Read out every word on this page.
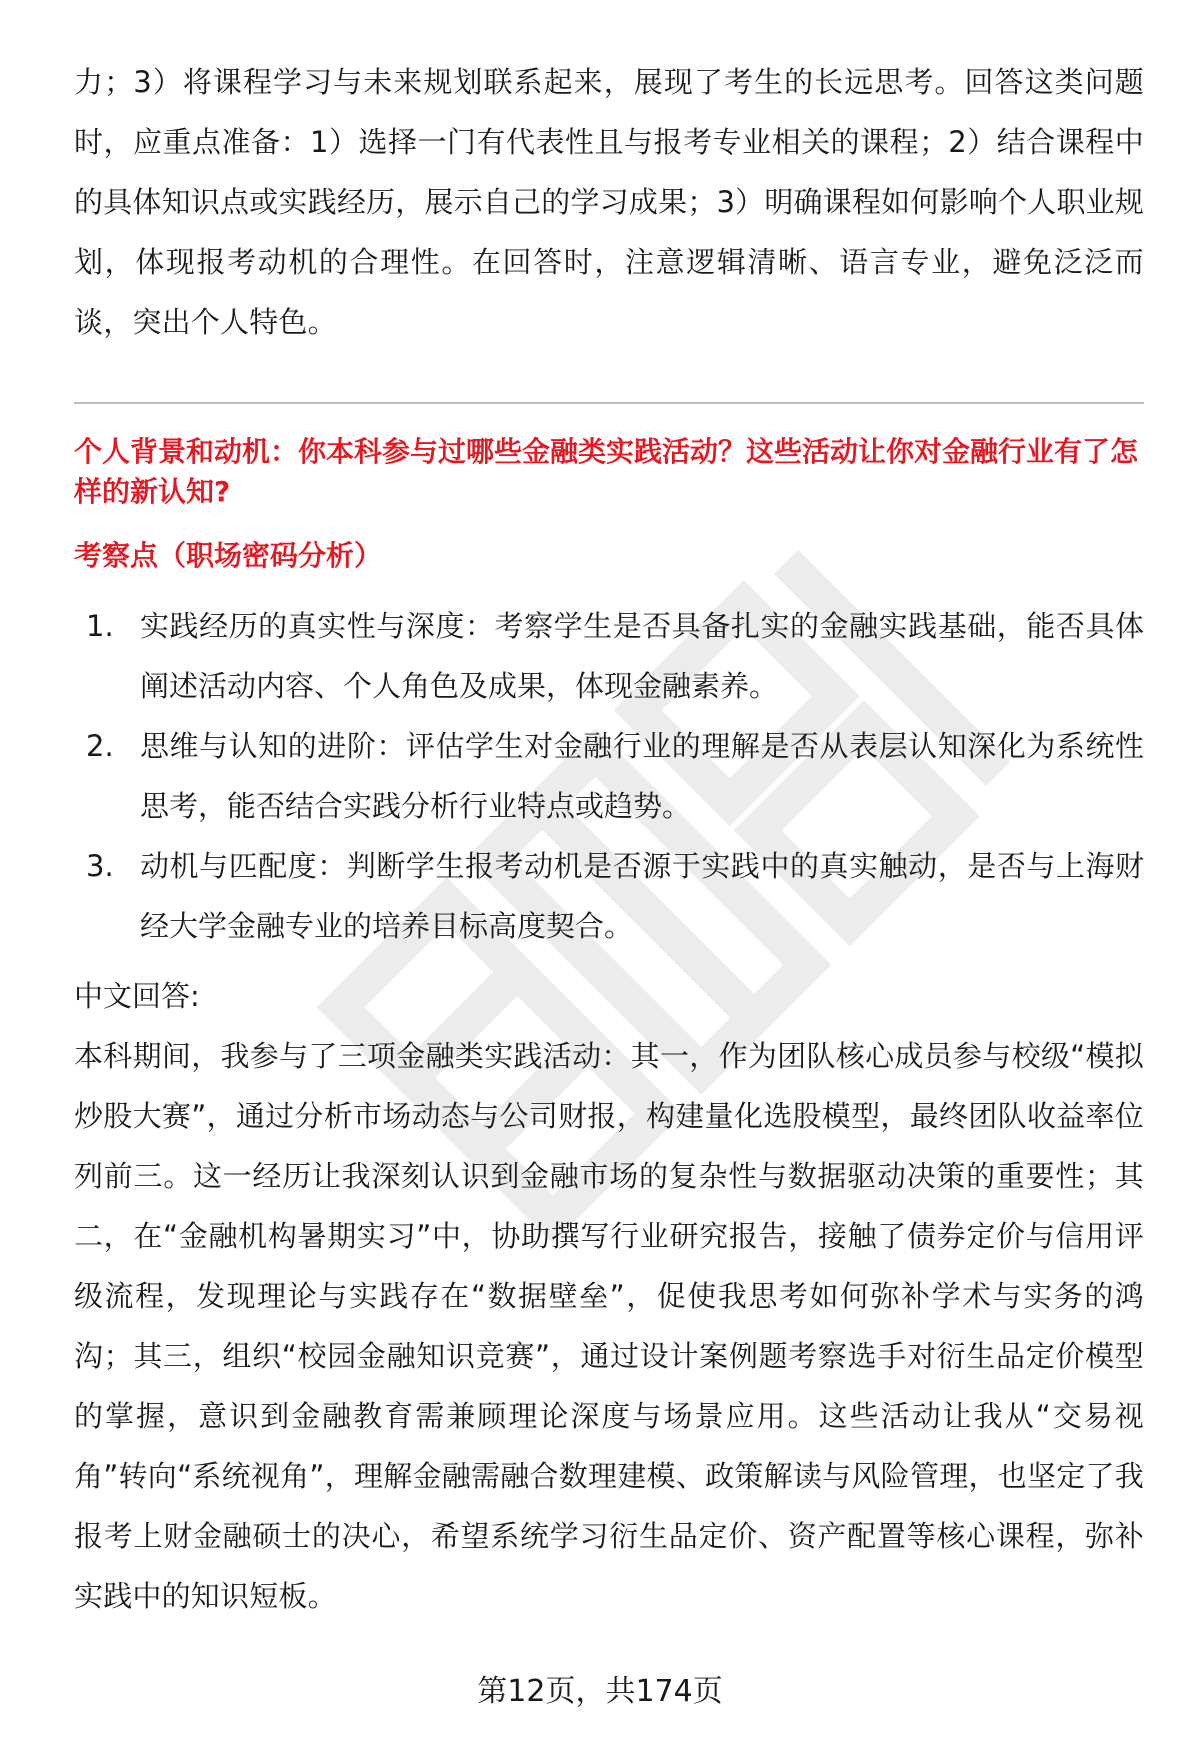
力；3）将课程学习与未来规划联系起来，展现了考生的长远思考。回答这类问题时，应重点准备：1）选择一门有代表性且与报考专业相关的课程；2）结合课程中的具体知识点或实践经历，展示自己的学习成果；3）明确课程如何影响个人职业规划，体现报考动机的合理性。在回答时，注意逻辑清晰、语言专业，避免泛泛而谈，突出个人特色。

个人背景和动机：你本科参与过哪些金融类实践活动？这些活动让你对金融行业有了怎样的新认知?

考察点（职场密码分析）

1. 实践经历的真实性与深度：考察学生是否具备扎实的金融实践基础，能否具体阐述活动内容、个人角色及成果，体现金融素养。
2. 思维与认知的进阶：评估学生对金融行业的理解是否从表层认知深化为系统性思考，能否结合实践分析行业特点或趋势。
3. 动机与匹配度：判断学生报考动机是否源于实践中的真实触动，是否与上海财经大学金融专业的培养目标高度契合。

中文回答:

本科期间，我参与了三项金融类实践活动：其一，作为团队核心成员参与校级“模拟炒股大赛”，通过分析市场动态与公司财报，构建量化选股模型，最终团队收益率位列前三。这一经历让我深刻认识到金融市场的复杂性与数据驱动决策的重要性；其二，在“金融机构暑期实习”中，协助撰写行业研究报告，接触了债券定价与信用评级流程，发现理论与实践存在“数据壁垒”，促使我思考如何弥补学术与实务的鸿沟；其三，组织“校园金融知识竞赛”，通过设计案例题考察选手对衍生品定价模型的掌握，意识到金融教育需兼顾理论深度与场景应用。这些活动让我从“交易视角”转向“系统视角”，理解金融需融合数理建模、政策解读与风险管理，也坚定了我报考上财金融硕士的决心，希望系统学习衍生品定价、资产配置等核心课程，弥补实践中的知识短板。

第12页，共174页
